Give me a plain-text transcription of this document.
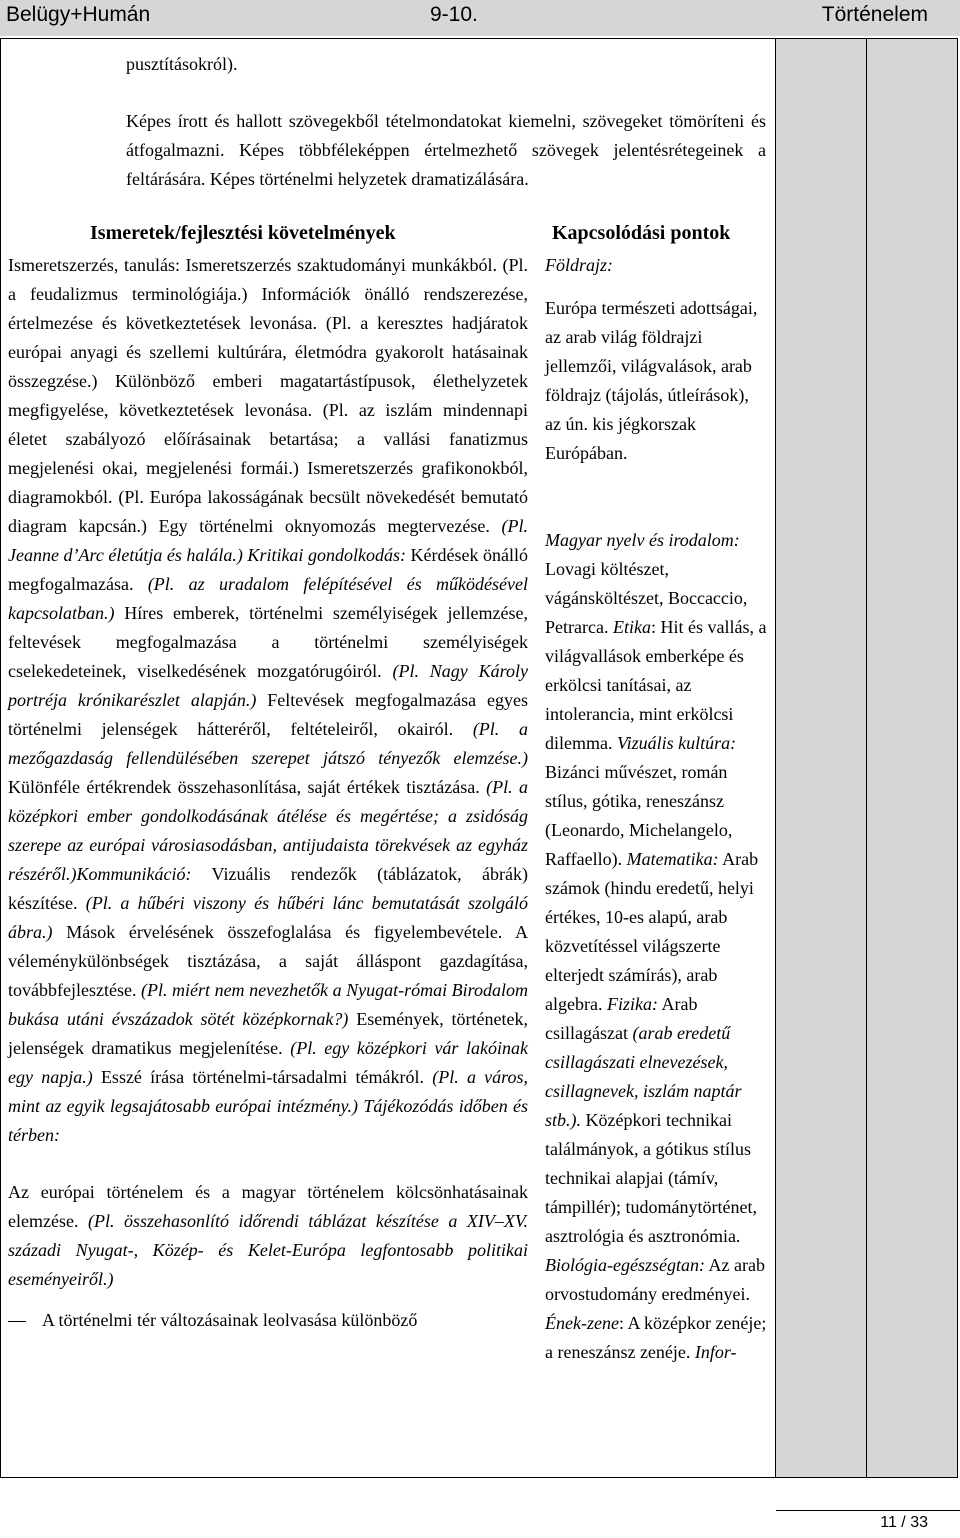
Belügy+Humán	9-10.	Történelem

pusztításokról).

Képes írott és hallott szövegekből tételmondatokat kiemelni, szövegeket tömöríteni és átfogalmazni. Képes többféleképpen értelmezhető szövegek jelentésrétegeinek a feltárására. Képes történelmi helyzetek dramatizálására.

Ismeretek/fejlesztési követelmények	Kapcsolódási pontok

Ismeretszerzés, tanulás: Ismeretszerzés szaktudományi munkákból. (Pl. a feudalizmus terminológiája.) Információk önálló rendszerezése, értelmezése és következtetések levonása. (Pl. a keresztes hadjáratok európai anyagi és szellemi kultúrára, életmódra gyakorolt hatásainak összegzése.) Különböző emberi magatartástípusok, élethelyzetek megfigyelése, következtetések levonása. (Pl. az iszlám mindennapi életet szabályozó előírásainak betartása; a vallási fanatizmus megjelenési okai, megjelenési formái.) Ismeretszerzés grafikonokból, diagramokból. (Pl. Európa lakosságának becsült növekedését bemutató diagram kapcsán.) Egy történelmi oknyomozás megtervezése. (Pl. Jeanne d’Arc életútja és halála.) Kritikai gondolkodás: Kérdések önálló megfogalmazása. (Pl. az uradalom felépítésével és működésével kapcsolatban.) Híres emberek, történelmi személyiségek jellemzése, feltevések megfogalmazása a történelmi személyiségek cselekedeteinek, viselkedésének mozgatórugóiról. (Pl. Nagy Károly portréja krónikarészlet alapján.) Feltevések megfogalmazása egyes történelmi jelenségek hátteréről, feltételeiről, okairól. (Pl. a mezőgazdaság fellendülésében szerepet játszó tényezők elemzése.) Különféle értékrendek összehasonlítása, saját értékek tisztázása. (Pl. a középkori ember gondolkodásának átélése és megértése; a zsidóság szerepe az európai városiasodásban, antijudaista törekvések az egyház részéről.)Kommunikáció: Vizuális rendezők (táblázatok, ábrák) készítése. (Pl. a hűbéri viszony és hűbéri lánc bemutatását szolgáló ábra.) Mások érvelésének összefoglalása és figyelembevétele. A véleménykülönbségek tisztázása, a saját álláspont gazdagítása, továbbfejlesztése. (Pl. miért nem nevezhetők a Nyugat-római Birodalom bukása utáni évszázadok sötét középkornak?) Események, történetek, jelenségek dramatikus megjelenítése. (Pl. egy középkori vár lakóinak egy napja.) Esszé írása történelmi-társadalmi témákról. (Pl. a város, mint az egyik legsajátosabb európai intézmény.) Tájékozódás időben és térben:

Az európai történelem és a magyar történelem kölcsönhatásainak elemzése. (Pl. összehasonlító időrendi táblázat készítése a XIV–XV. századi Nyugat-, Közép- és Kelet-Európa legfontosabb politikai eseményeiről.)

A történelmi tér változásainak leolvasása különböző

Földrajz:

Európa természeti adottságai, az arab világ földrajzi jellemzői, világvalások, arab földrajz (tájolás, útleírások), az ún. kis jégkorszak Európában.

Magyar nyelv és irodalom: Lovagi költészet, vágánsköltészet, Boccaccio, Petrarca. Etika: Hit és vallás, a világvallások emberképe és erkölcsi tanításai, az intolerancia, mint erkölcsi dilemma. Vizuális kultúra: Bizánci művészet, román stílus, gótika, reneszánsz (Leonardo, Michelangelo, Raffaello). Matematika: Arab számok (hindu eredetű, helyi értékes, 10-es alapú, arab közvetítéssel világszerte elterjedt számírás), arab algebra. Fizika: Arab csillagászat (arab eredetű csillagászati elnevezések, csillagnevek, iszlám naptár stb.). Középkori technikai találmányok, a gótikus stílus technikai alapjai (támív, támpillér); tudománytörténet, asztrológia és asztronómia. Biológia-egészségtan: Az arab orvostudomány eredményei. Ének-zene: A középkor zenéje; a reneszánsz zenéje. Infor-

11 / 33
